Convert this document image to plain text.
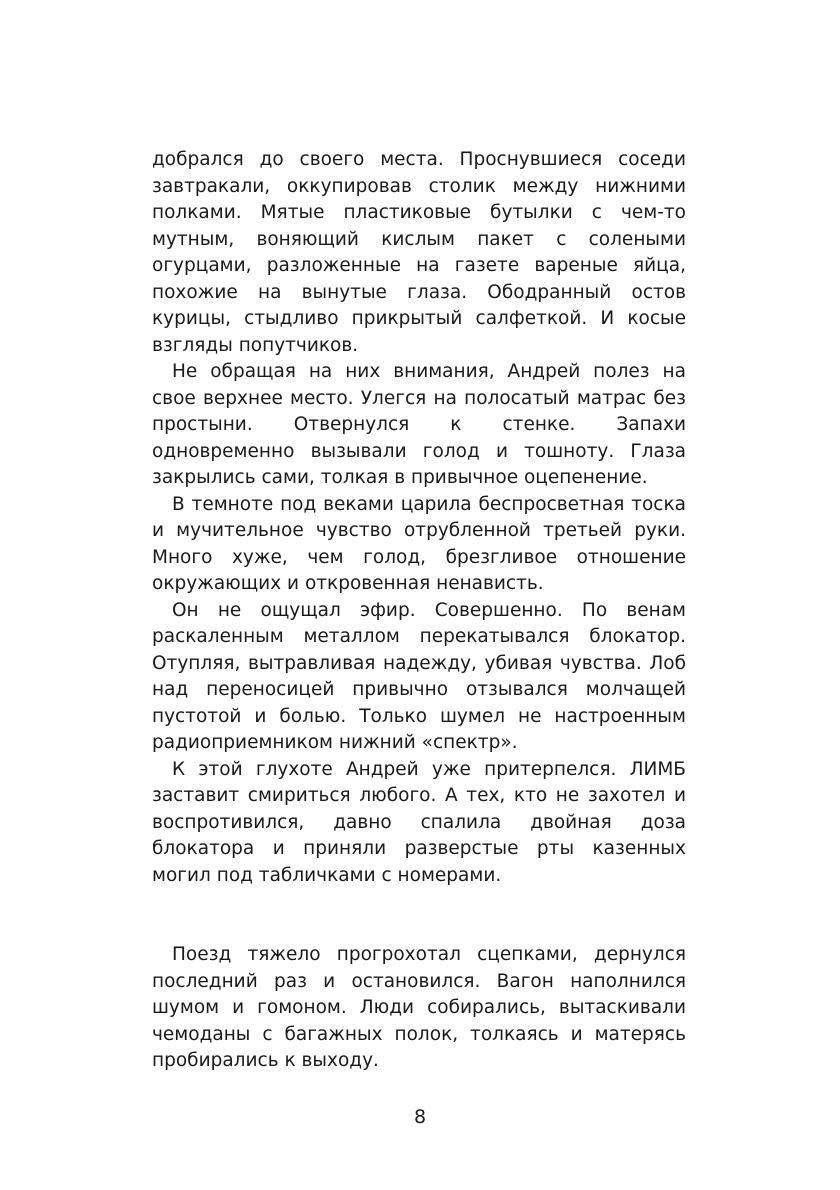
добрался до своего места. Проснувшиеся соседи завтракали, оккупировав столик между нижними полками. Мятые пластиковые бутылки с чем-то мутным, воняющий кислым пакет с солеными огурцами, разложенные на газете вареные яйца, похожие на вынутые глаза. Ободранный остов курицы, стыдливо прикрытый салфеткой. И косые взгляды попутчиков.

Не обращая на них внимания, Андрей полез на свое верхнее место. Улегся на полосатый матрас без простыни. Отвернулся к стенке. Запахи одновременно вызывали голод и тошноту. Глаза закрылись сами, толкая в привычное оцепенение.

В темноте под веками царила беспросветная тоска и мучительное чувство отрубленной третьей руки. Много хуже, чем голод, брезгливое отношение окружающих и откровенная ненависть.

Он не ощущал эфир. Совершенно. По венам раскаленным металлом перекатывался блокатор. Отупляя, вытравливая надежду, убивая чувства. Лоб над переносицей привычно отзывался молчащей пустотой и болью. Только шумел не настроенным радиоприемником нижний «спектр».

К этой глухоте Андрей уже притерпелся. ЛИМБ заставит смириться любого. А тех, кто не захотел и воспротивился, давно спалила двойная доза блокатора и приняли разверстые рты казенных могил под табличками с номерами.

Поезд тяжело прогрохотал сцепками, дернулся последний раз и остановился. Вагон наполнился шумом и гомоном. Люди собирались, вытаскивали чемоданы с багажных полок, толкаясь и матерясь пробирались к выходу.

8
